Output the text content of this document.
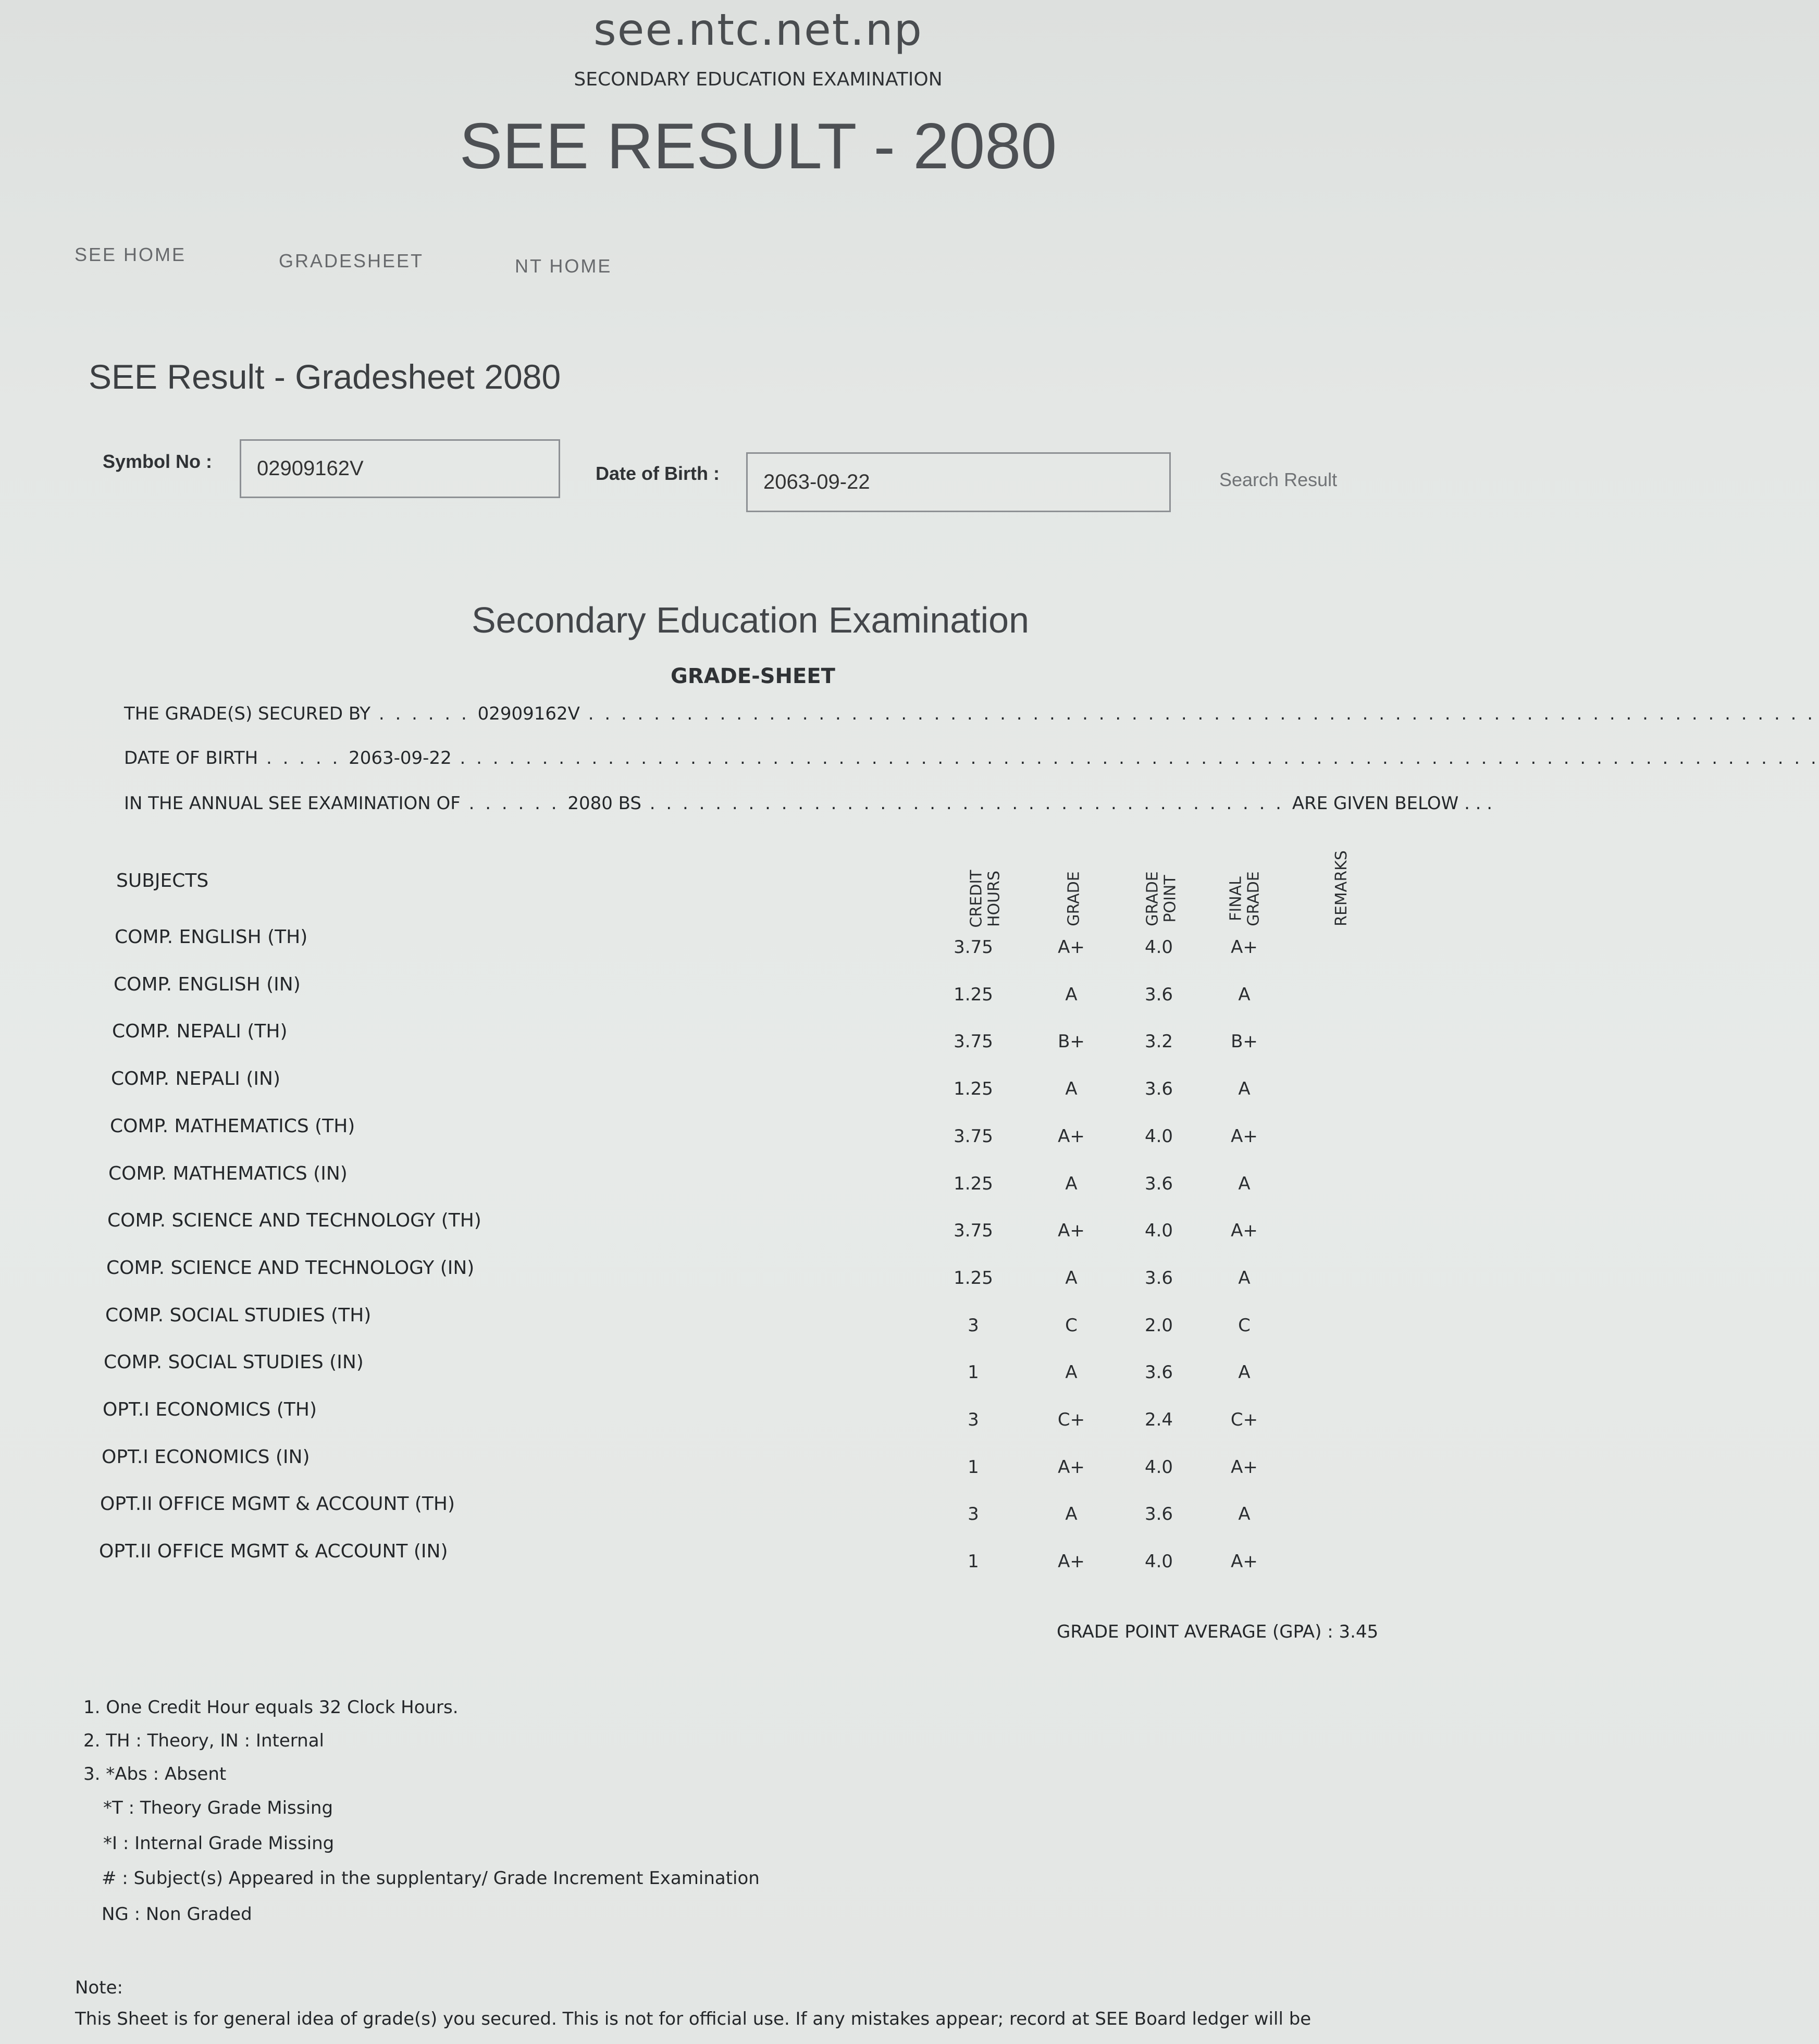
see.ntc.net.np
SECONDARY EDUCATION EXAMINATION
SEE RESULT - 2080
SEE HOME	GRADESHEET	NT HOME
SEE Result - Gradesheet 2080
Symbol No :	02909162V	Date of Birth :	2063-09-22	Search Result
Secondary Education Examination
GRADE-SHEET
THE GRADE(S) SECURED BY . . . . . . 02909162V . . . . . . . . . . . . . . . . . . . . . . . . . . . . . . . . . . . . . . . . . . . . . . . . . . . . . . . . . . . . . . . . . . . . . . . . . . .
DATE OF BIRTH . . . . . 2063-09-22 . . . . . . . . . . . . . . . . . . . . . . . . . . . . . . . . . . . . . . . . . . . . . . . . . . . . . . . . . . . . . . . . . . . . . . . . . . . . . . . . . . .
IN THE ANNUAL SEE EXAMINATION OF . . . . . . 2080 BS . . . . . . . . . . . . . . . . . . . . . . . . . . . . . . . . . . . . . . . ARE GIVEN BELOW . . .
SUBJECTS	CREDIT HOURS	GRADE	GRADE POINT	FINAL GRADE	REMARKS
COMP. ENGLISH (TH)	3.75	A+	4.0	A+
COMP. ENGLISH (IN)	1.25	A	3.6	A
COMP. NEPALI (TH)	3.75	B+	3.2	B+
COMP. NEPALI (IN)	1.25	A	3.6	A
COMP. MATHEMATICS (TH)	3.75	A+	4.0	A+
COMP. MATHEMATICS (IN)	1.25	A	3.6	A
COMP. SCIENCE AND TECHNOLOGY (TH)	3.75	A+	4.0	A+
COMP. SCIENCE AND TECHNOLOGY (IN)	1.25	A	3.6	A
COMP. SOCIAL STUDIES (TH)	3	C	2.0	C
COMP. SOCIAL STUDIES (IN)	1	A	3.6	A
OPT.I ECONOMICS (TH)	3	C+	2.4	C+
OPT.I ECONOMICS (IN)	1	A+	4.0	A+
OPT.II OFFICE MGMT & ACCOUNT (TH)	3	A	3.6	A
OPT.II OFFICE MGMT & ACCOUNT (IN)	1	A+	4.0	A+
GRADE POINT AVERAGE (GPA) : 3.45
1. One Credit Hour equals 32 Clock Hours.
2. TH : Theory, IN : Internal
3. *Abs : Absent
*T : Theory Grade Missing
*I : Internal Grade Missing
# : Subject(s) Appeared in the supplentary/ Grade Increment Examination
NG : Non Graded
Note:
This Sheet is for general idea of grade(s) you secured. This is not for official use. If any mistakes appear; record at SEE Board ledger will be
